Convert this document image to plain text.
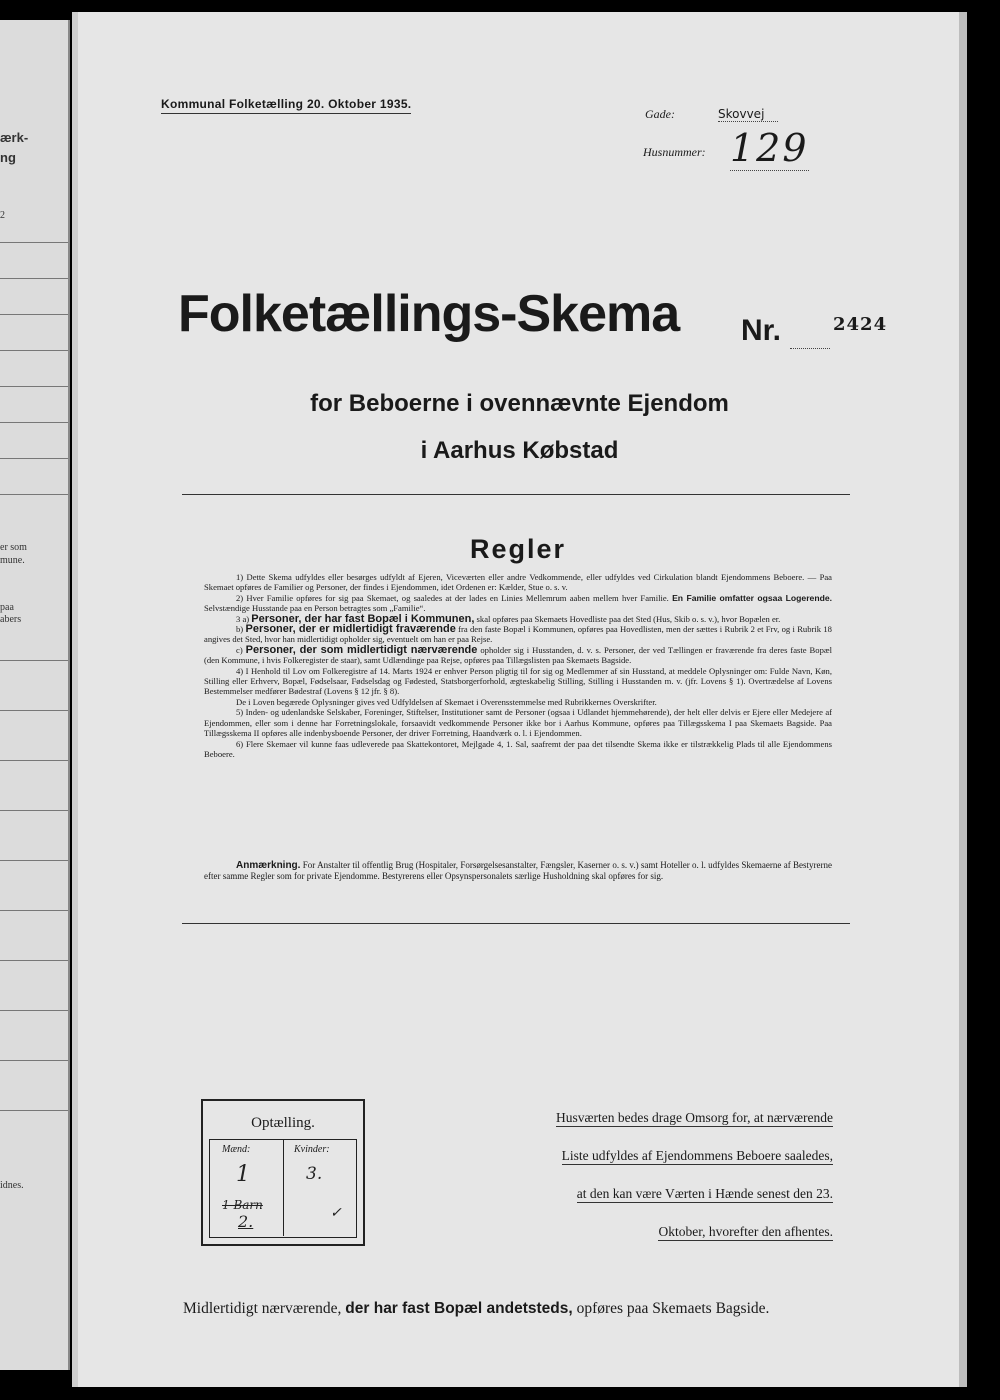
ærk-
ng
2
er som
mune.
paa
abers
idnes.
Kommunal Folketælling 20. Oktober 1935.
Gade:	Skovvej
Husnummer: 129
Folketællings-Skema Nr.	2424
for Beboerne i ovennævnte Ejendom
i Aarhus Købstad
Regler

1) Dette Skema udfyldes eller besørges udfyldt af Ejeren, Viceværten eller andre Vedkommende, eller udfyldes ved Cirkulation blandt Ejendommens Beboere. — Paa Skemaet opføres de Familier og Personer, der findes i Ejendommen, idet Ordenen er: Kælder, Stue o. s. v.

2) Hver Familie opføres for sig paa Skemaet, og saaledes at der lades en Linies Mellemrum aaben mellem hver Familie. En Familie omfatter ogsaa Logerende. Selvstændige Husstande paa en Person betragtes som „Familie“.

3 a) Personer, der har fast Bopæl i Kommunen, skal opføres paa Skemaets Hovedliste paa det Sted (Hus, Skib o. s. v.), hvor Bopælen er.

b) Personer, der er midlertidigt fraværende fra den faste Bopæl i Kommunen, opføres paa Hovedlisten, men der sættes i Rubrik 2 et Frv, og i Rubrik 18 angives det Sted, hvor han midlertidigt opholder sig, eventuelt om han er paa Rejse.

c) Personer, der som midlertidigt nærværende opholder sig i Husstanden, d. v. s. Personer, der ved Tællingen er fraværende fra deres faste Bopæl (den Kommune, i hvis Folkeregister de staar), samt Udlændinge paa Rejse, opføres paa Tillægslisten paa Skemaets Bagside.

4) I Henhold til Lov om Folkeregistre af 14. Marts 1924 er enhver Person pligtig til for sig og Medlemmer af sin Husstand, at meddele Oplysninger om: Fulde Navn, Køn, Stilling eller Erhverv, Bopæl, Fødselsaar, Fødselsdag og Fødested, Statsborgerforhold, ægteskabelig Stilling, Stilling i Husstanden m. v. (jfr. Lovens § 1). Overtrædelse af Lovens Bestemmelser medfører Bødestraf (Lovens § 12 jfr. § 8).

De i Loven begærede Oplysninger gives ved Udfyldelsen af Skemaet i Overensstemmelse med Rubrikkernes Overskrifter.

5) Inden- og udenlandske Selskaber, Foreninger, Stiftelser, Institutioner samt de Personer (ogsaa i Udlandet hjemmehørende), der helt eller delvis er Ejere eller Medejere af Ejendommen, eller som i denne har Forretningslokale, forsaavidt vedkommende Personer ikke bor i Aarhus Kommune, opføres paa Tillægsskema I paa Skemaets Bagside. Paa Tillægsskema II opføres alle indenbysboende Personer, der driver Forretning, Haandværk o. l. i Ejendommen.

6) Flere Skemaer vil kunne faas udleverede paa Skattekontoret, Mejlgade 4, 1. Sal, saafremt der paa det tilsendte Skema ikke er tilstrækkelig Plads til alle Ejendommens Beboere.

Anmærkning. For Anstalter til offentlig Brug (Hospitaler, Forsørgelsesanstalter, Fængsler, Kaserner o. s. v.) samt Hoteller o. l. udfyldes Skemaerne af Bestyrerne efter samme Regler som for private Ejendomme. Bestyrerens eller Opsynspersonalets særlige Husholdning skal opføres for sig.
Optælling.
Mænd:	Kvinder:
1	3.
1 Barn
2.	✓
Husværten bedes drage Omsorg for, at nærværende
Liste udfyldes af Ejendommens Beboere saaledes,
at den kan være Værten i Hænde senest den 23.
Oktober, hvorefter den afhentes.
Midlertidigt nærværende, der har fast Bopæl andetsteds, opføres paa Skemaets Bagside.
